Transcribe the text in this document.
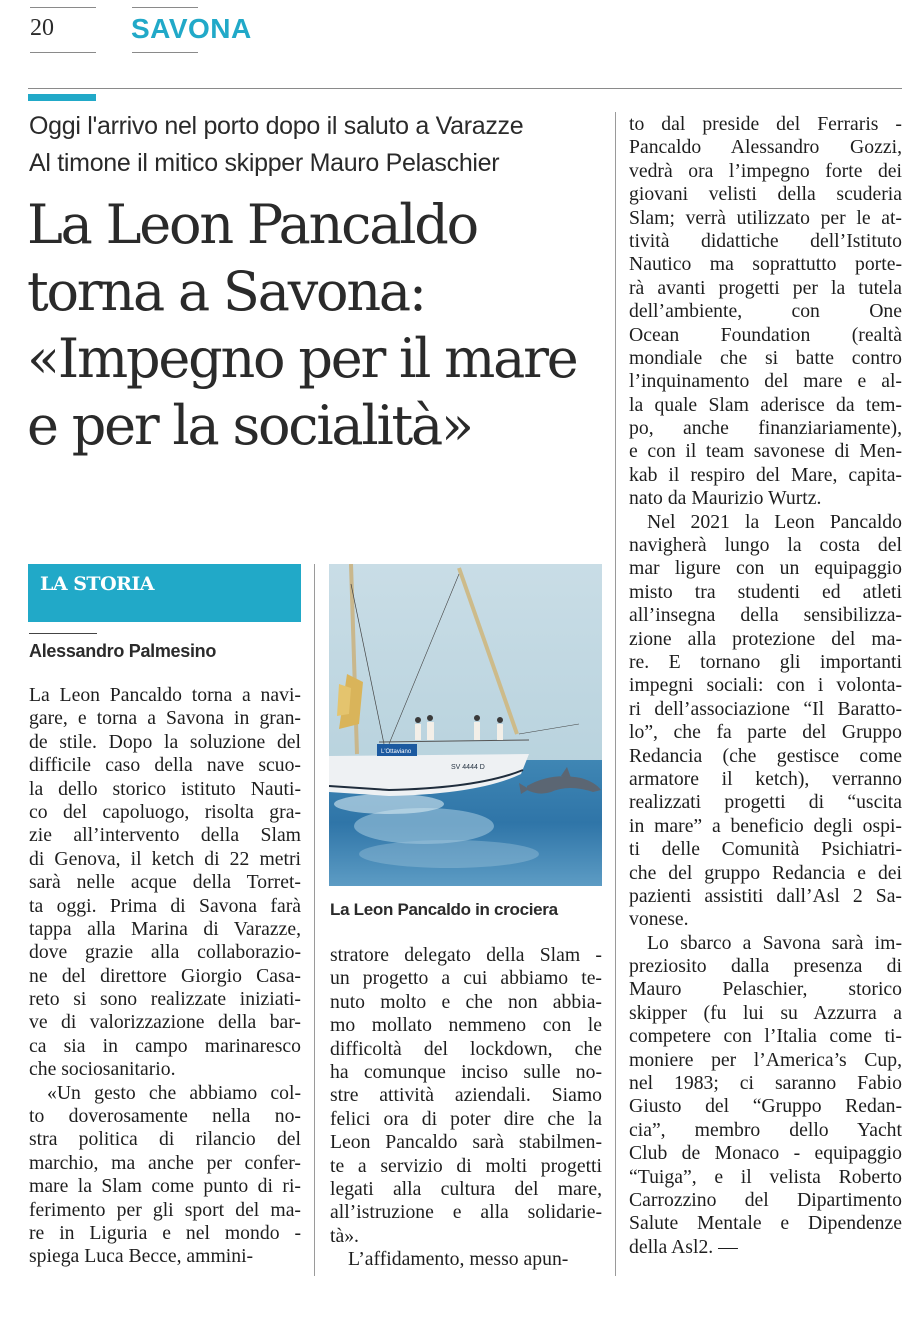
20	SAVONA
Oggi l'arrivo nel porto dopo il saluto a Varazze
Al timone il mitico skipper Mauro Pelaschier
La Leon Pancaldo
torna a Savona:
«Impegno per il mare
e per la socialità»
LA STORIA
Alessandro Palmesino
L'Ottaviano
SV 4444 D
La Leon Pancaldo in crociera
La Leon Pancaldo torna a navi-
gare, e torna a Savona in gran-
de stile. Dopo la soluzione del
difficile caso della nave scuo-
la dello storico istituto Nauti-
co del capoluogo, risolta gra-
zie all’intervento della Slam
di Genova, il ketch di 22 metri
sarà nelle acque della Torret-
ta oggi. Prima di Savona farà
tappa alla Marina di Varazze,
dove grazie alla collaborazio-
ne del direttore Giorgio Casa-
reto si sono realizzate iniziati-
ve di valorizzazione della bar-
ca sia in campo marinaresco
che sociosanitario.
«Un gesto che abbiamo col-
to doverosamente nella no-
stra politica di rilancio del
marchio, ma anche per confer-
mare la Slam come punto di ri-
ferimento per gli sport del ma-
re in Liguria e nel mondo -
spiega Luca Becce, ammini-
stratore delegato della Slam -
un progetto a cui abbiamo te-
nuto molto e che non abbia-
mo mollato nemmeno con le
difficoltà del lockdown, che
ha comunque inciso sulle no-
stre attività aziendali. Siamo
felici ora di poter dire che la
Leon Pancaldo sarà stabilmen-
te a servizio di molti progetti
legati alla cultura del mare,
all’istruzione e alla solidarie-
tà».
L’affidamento, messo apun-
to dal preside del Ferraris -
Pancaldo Alessandro Gozzi,
vedrà ora l’impegno forte dei
giovani velisti della scuderia
Slam; verrà utilizzato per le at-
tività didattiche dell’Istituto
Nautico ma soprattutto porte-
rà avanti progetti per la tutela
dell’ambiente, con One
Ocean Foundation (realtà
mondiale che si batte contro
l’inquinamento del mare e al-
la quale Slam aderisce da tem-
po, anche finanziariamente),
e con il team savonese di Men-
kab il respiro del Mare, capita-
nato da Maurizio Wurtz.
Nel 2021 la Leon Pancaldo
navigherà lungo la costa del
mar ligure con un equipaggio
misto tra studenti ed atleti
all’insegna della sensibilizza-
zione alla protezione del ma-
re. E tornano gli importanti
impegni sociali: con i volonta-
ri dell’associazione “Il Baratto-
lo”, che fa parte del Gruppo
Redancia (che gestisce come
armatore il ketch), verranno
realizzati progetti di “uscita
in mare” a beneficio degli ospi-
ti delle Comunità Psichiatri-
che del gruppo Redancia e dei
pazienti assistiti dall’Asl 2 Sa-
vonese.
Lo sbarco a Savona sarà im-
preziosito dalla presenza di
Mauro Pelaschier, storico
skipper (fu lui su Azzurra a
competere con l’Italia come ti-
moniere per l’America’s Cup,
nel 1983; ci saranno Fabio
Giusto del “Gruppo Redan-
cia”, membro dello Yacht
Club de Monaco - equipaggio
“Tuiga”, e il velista Roberto
Carrozzino del Dipartimento
Salute Mentale e Dipendenze
della Asl2. —
